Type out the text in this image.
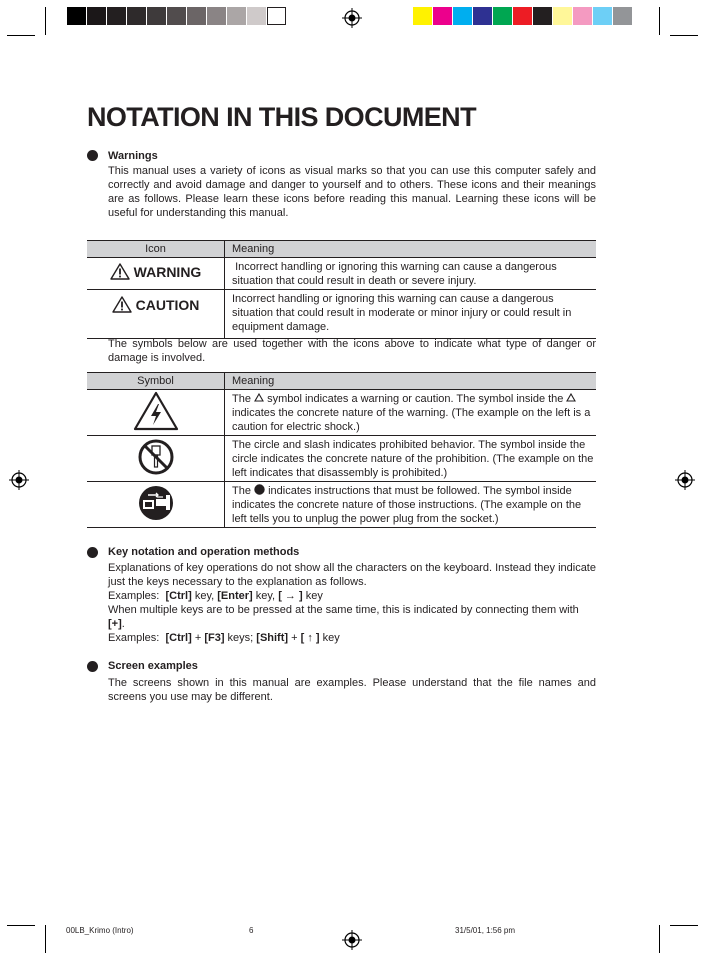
NOTATION IN THIS DOCUMENT
Warnings
This manual uses a variety of icons as visual marks so that you can use this computer safely and correctly and avoid damage and danger to yourself and to others. These icons and their meanings are as follows. Please learn these icons before reading this manual. Learning these icons will be useful for understanding this manual.
Icon	Meaning

WARNING	Incorrect handling or ignoring this warning can cause a dangerous situation that could result in death or severe injury.

CAUTION	Incorrect handling or ignoring this warning can cause a dangerous situation that could result in moderate or minor injury or could result in equipment damage.
The symbols below are used together with the icons above to indicate what type of danger or damage is involved.
Symbol	Meaning
	The  symbol indicates a warning or caution. The symbol inside the  indicates the concrete nature of the warning. (The example on the left is a caution for electric shock.)
	The circle and slash indicates prohibited behavior. The symbol inside the circle indicates the concrete nature of the prohibition. (The example on the left indicates that disassembly is prohibited.)
	The  indicates instructions that must be followed. The symbol inside indicates the concrete nature of those instructions. (The example on the left tells you to unplug the power plug from the socket.)
Key notation and operation methods

Explanations of key operations do not show all the characters on the keyboard. Instead they indicate just the keys necessary to the explanation as follows.

Examples: [Ctrl] key, [Enter] key, [ → ] key

When multiple keys are to be pressed at the same time, this is indicated by connecting them with [+].

Examples: [Ctrl] + [F3] keys; [Shift] + [ ↑ ] key

Screen examples
The screens shown in this manual are examples. Please understand that the file names and screens you use may be different.
00LB_Krimo (Intro)	6	31/5/01, 1:56 pm
